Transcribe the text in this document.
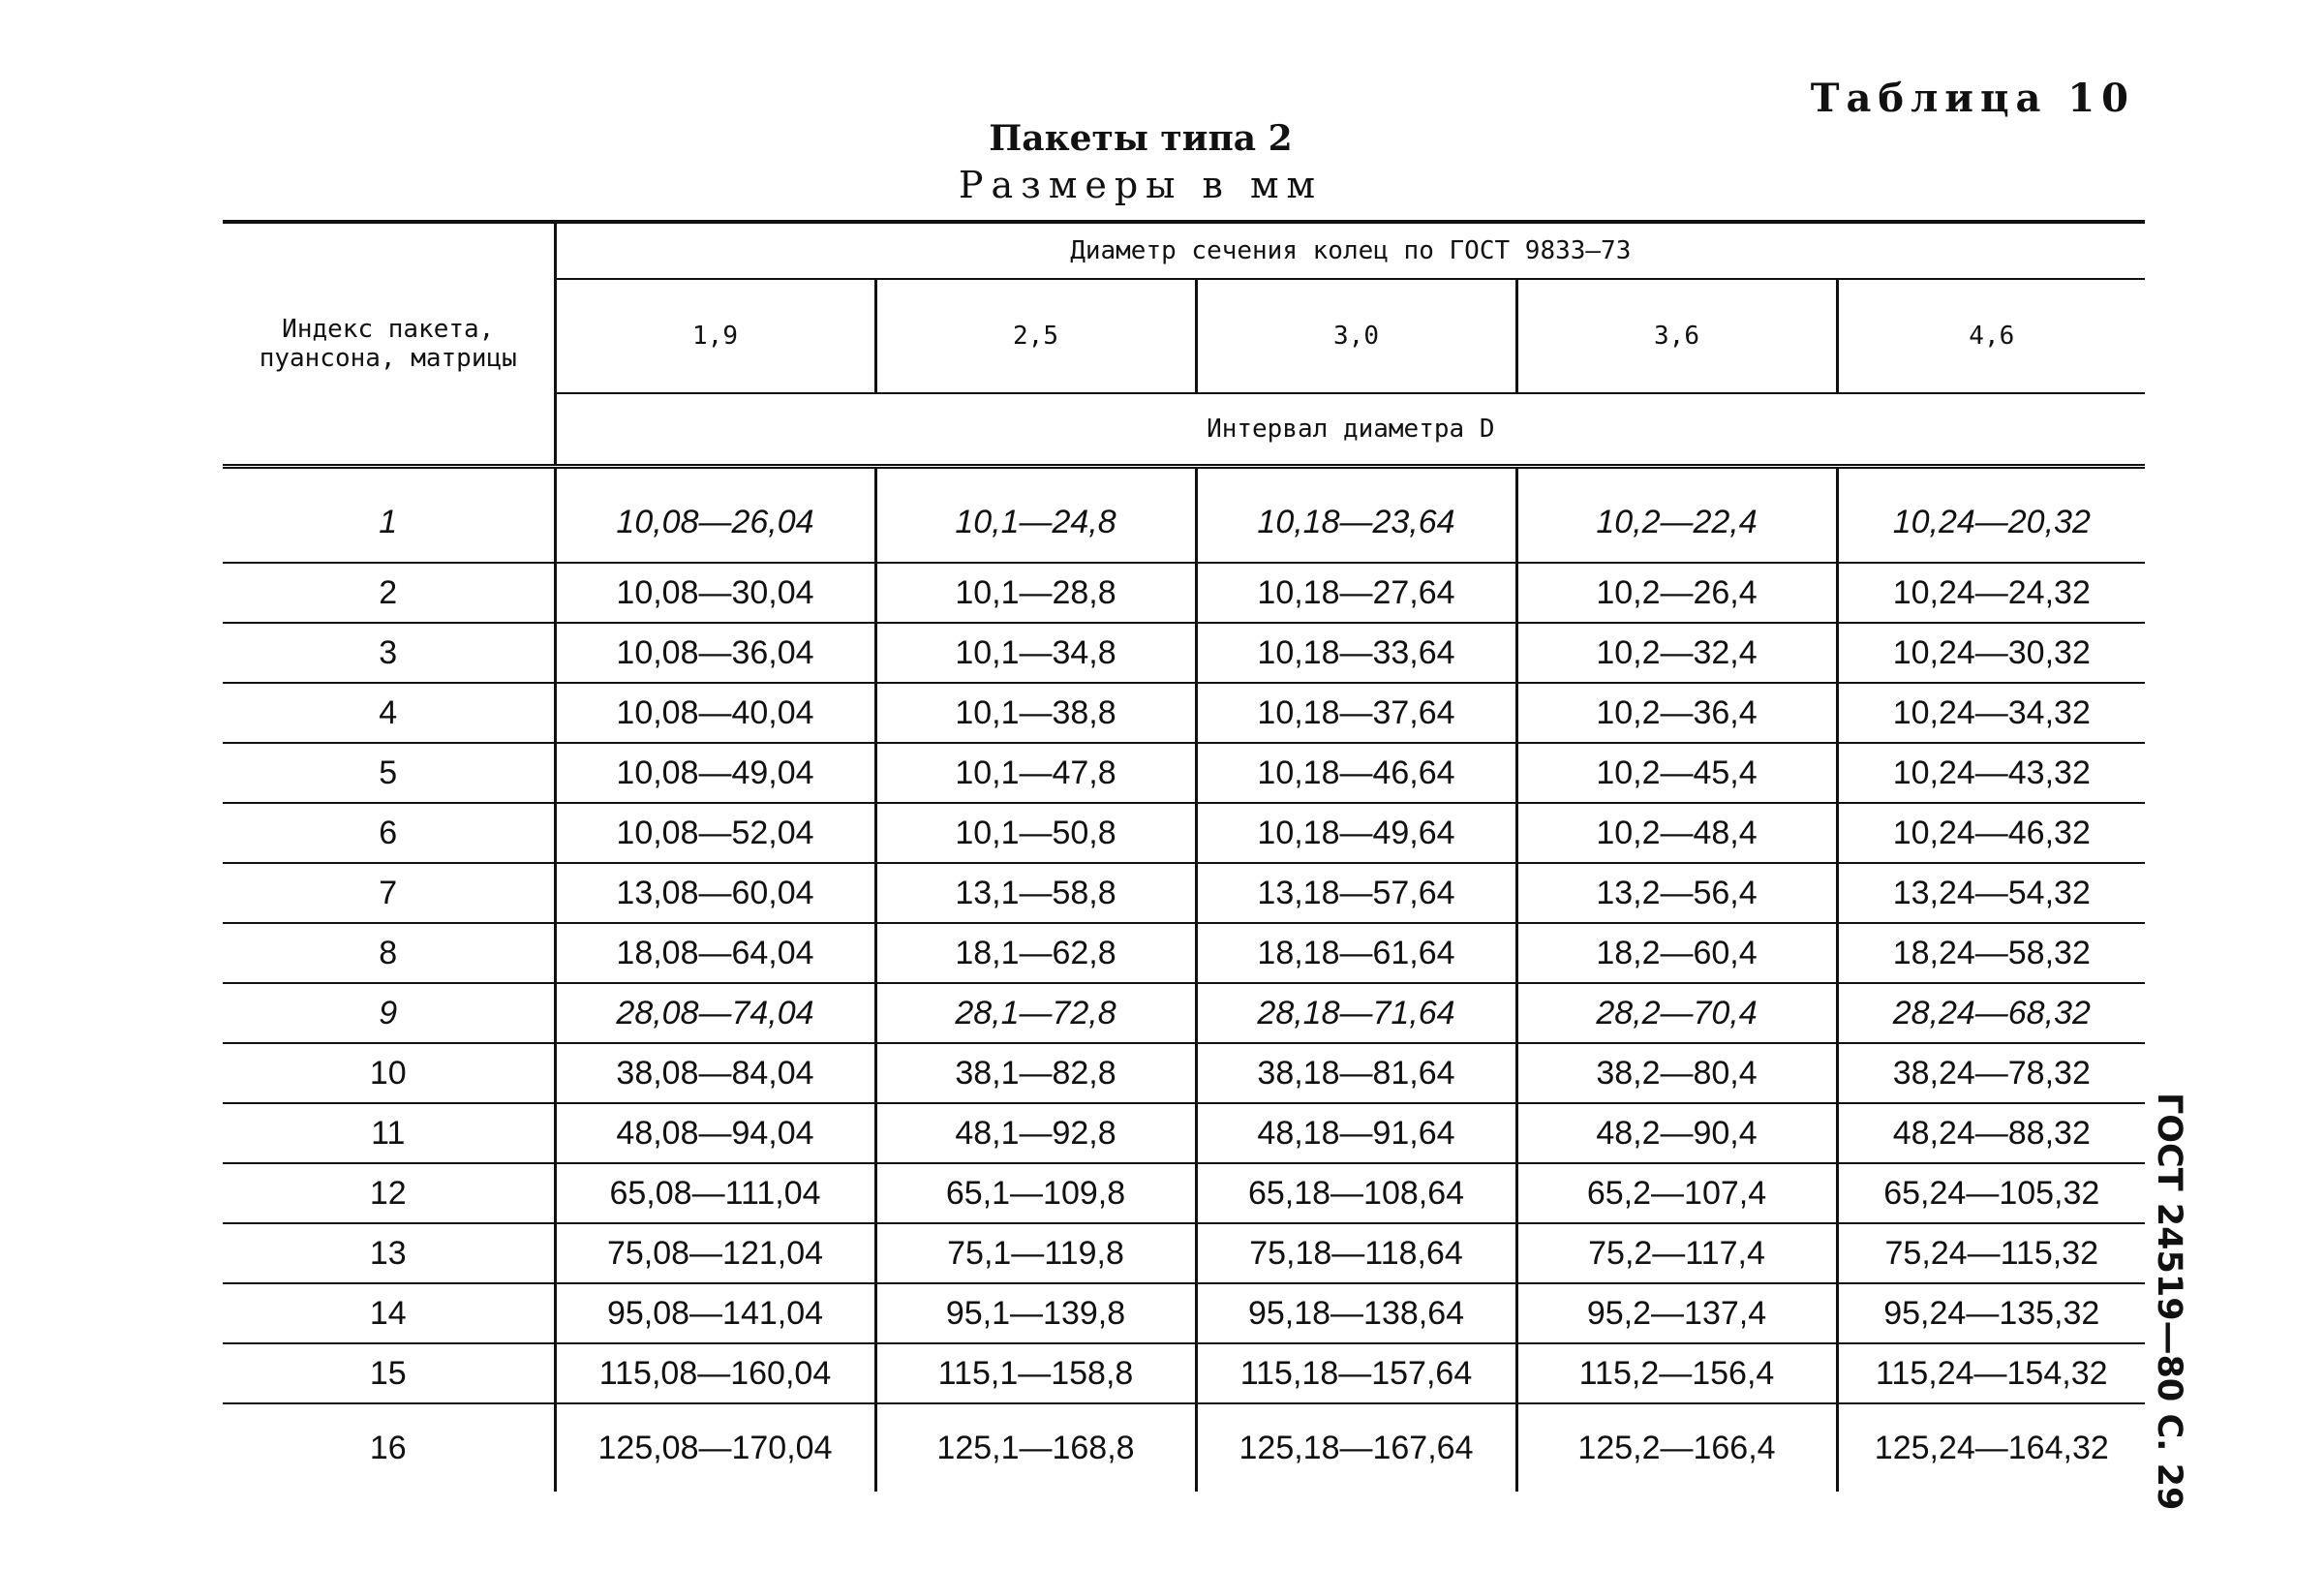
Таблица 10
Пакеты типа 2
Размеры в мм
ГОСТ 24519—80 С. 29
Индекс пакета, пуансона, матрицы	Диаметр сечения колец по ГОСТ 9833—73				
	1,9	2,5	3,0	3,6	4,6
	Интервал диаметра D				
1	10,08—26,04	10,1—24,8	10,18—23,64	10,2—22,4	10,24—20,32
2	10,08—30,04	10,1—28,8	10,18—27,64	10,2—26,4	10,24—24,32
3	10,08—36,04	10,1—34,8	10,18—33,64	10,2—32,4	10,24—30,32
4	10,08—40,04	10,1—38,8	10,18—37,64	10,2—36,4	10,24—34,32
5	10,08—49,04	10,1—47,8	10,18—46,64	10,2—45,4	10,24—43,32
6	10,08—52,04	10,1—50,8	10,18—49,64	10,2—48,4	10,24—46,32
7	13,08—60,04	13,1—58,8	13,18—57,64	13,2—56,4	13,24—54,32
8	18,08—64,04	18,1—62,8	18,18—61,64	18,2—60,4	18,24—58,32
9	28,08—74,04	28,1—72,8	28,18—71,64	28,2—70,4	28,24—68,32
10	38,08—84,04	38,1—82,8	38,18—81,64	38,2—80,4	38,24—78,32
11	48,08—94,04	48,1—92,8	48,18—91,64	48,2—90,4	48,24—88,32
12	65,08—111,04	65,1—109,8	65,18—108,64	65,2—107,4	65,24—105,32
13	75,08—121,04	75,1—119,8	75,18—118,64	75,2—117,4	75,24—115,32
14	95,08—141,04	95,1—139,8	95,18—138,64	95,2—137,4	95,24—135,32
15	115,08—160,04	115,1—158,8	115,18—157,64	115,2—156,4	115,24—154,32
16	125,08—170,04	125,1—168,8	125,18—167,64	125,2—166,4	125,24—164,32
